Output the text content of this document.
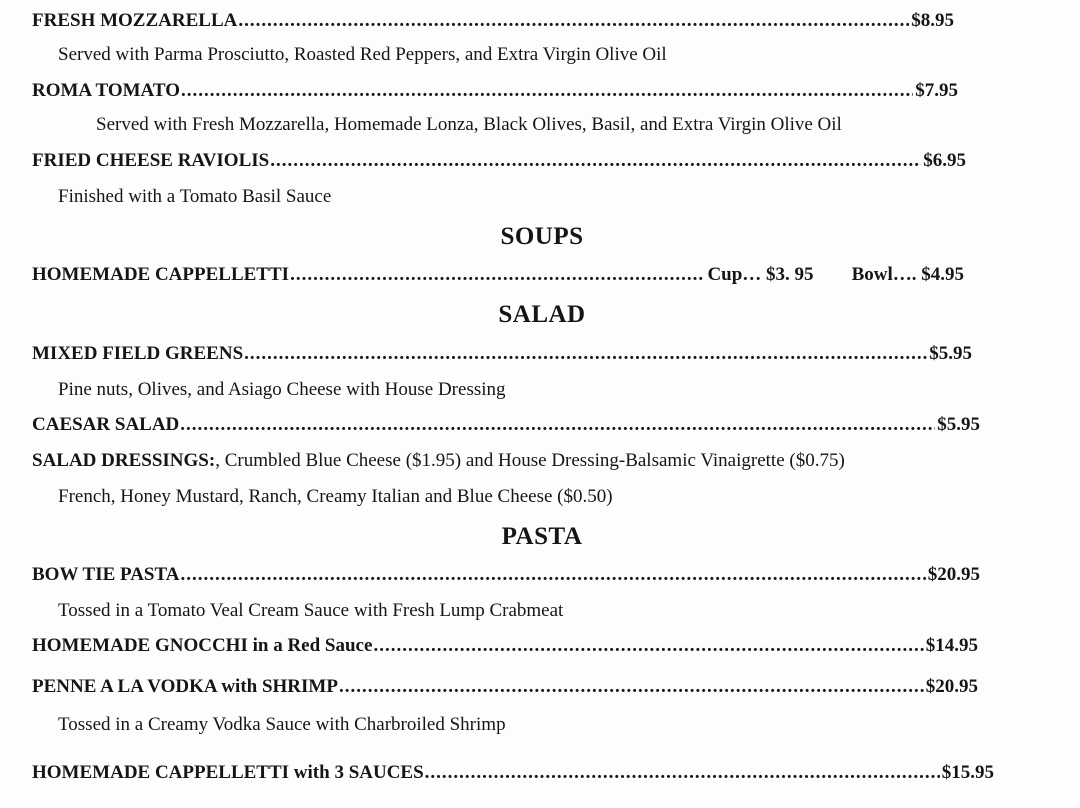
FRESH MOZZARELLA .....	$8.95
Served with Parma Prosciutto, Roasted Red Peppers, and Extra Virgin Olive Oil
ROMA TOMATO .....	$7.95
Served with Fresh Mozzarella, Homemade Lonza, Black Olives, Basil, and Extra Virgin Olive Oil
FRIED CHEESE RAVIOLIS .....	$6.95
Finished with a Tomato Basil Sauce
SOUPS
HOMEMADE CAPPELLETTI .....	Cup… $3. 95 Bowl…. $4.95
SALAD
MIXED FIELD GREENS .....	$5.95
Pine nuts, Olives, and Asiago Cheese with House Dressing
CAESAR SALAD .....	$5.95
SALAD DRESSINGS:, Crumbled Blue Cheese ($1.95) and House Dressing-Balsamic Vinaigrette ($0.75)
French, Honey Mustard, Ranch, Creamy Italian and Blue Cheese ($0.50)
PASTA
BOW TIE PASTA .....	$20.95
Tossed in a Tomato Veal Cream Sauce with Fresh Lump Crabmeat
HOMEMADE GNOCCHI in a Red Sauce .....	$14.95
PENNE A LA VODKA with SHRIMP .....	$20.95
Tossed in a Creamy Vodka Sauce with Charbroiled Shrimp
HOMEMADE CAPPELLETTI with 3 SAUCES .....	$15.95
